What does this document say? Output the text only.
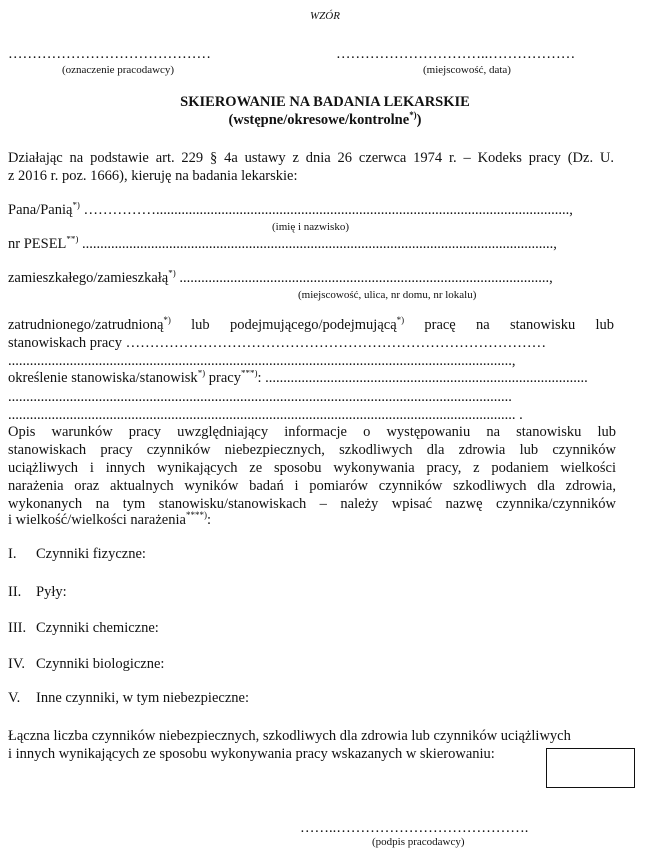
WZÓR
……………………………………
(oznaczenie pracodawcy)
…………………………..………………
(miejscowość, data)
SKIEROWANIE NA BADANIA LEKARSKIE
(wstępne/okresowe/kontrolne*))
Działając na podstawie art. 229 § 4a ustawy z dnia 26 czerwca 1974 r. – Kodeks pracy (Dz. U.
z 2016 r. poz. 1666), kieruję na badania lekarskie:
Pana/Panią*) ……………..................................................................................................................,
(imię i nazwisko)
nr PESEL**) ..................................................................................................................................,
zamieszkałego/zamieszkałą*) ......................................................................................................,
(miejscowość, ulica, nr domu, nr lokalu)
zatrudnionego/zatrudnioną*) lub podejmującego/podejmującą*) pracę na stanowisku lub
stanowiskach pracy ……………………………………………………………………………
...........................................................................................................................................,
określenie stanowiska/stanowisk*) pracy***): .........................................................................................
...........................................................................................................................................
............................................................................................................................................ .
Opis warunków pracy uwzględniający informacje o występowaniu na stanowisku lub
stanowiskach pracy czynników niebezpiecznych, szkodliwych dla zdrowia lub czynników
uciążliwych i innych wynikających ze sposobu wykonywania pracy, z podaniem wielkości
narażenia oraz aktualnych wyników badań i pomiarów czynników szkodliwych dla zdrowia,
wykonanych na tym stanowisku/stanowiskach – należy wpisać nazwę czynnika/czynników
i wielkość/wielkości narażenia****):
I. Czynniki fizyczne:
II. Pyły:
III. Czynniki chemiczne:
IV. Czynniki biologiczne:
V. Inne czynniki, w tym niebezpieczne:
Łączna liczba czynników niebezpiecznych, szkodliwych dla zdrowia lub czynników uciążliwych
i innych wynikających ze sposobu wykonywania pracy wskazanych w skierowaniu:
……..………………………………….
(podpis pracodawcy)
